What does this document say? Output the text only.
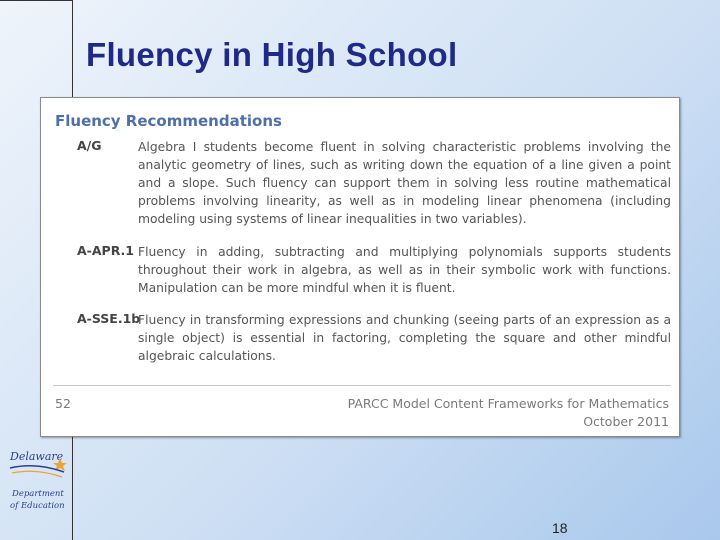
Fluency in High School
Fluency Recommendations
A/G	Algebra I students become fluent in solving characteristic problems involving the analytic geometry of lines, such as writing down the equation of a line given a point and a slope. Such fluency can support them in solving less routine mathematical problems involving linearity, as well as in modeling linear phenomena (including modeling using systems of linear inequalities in two variables).
A-APR.1 Fluency in adding, subtracting and multiplying polynomials supports students throughout their work in algebra, as well as in their symbolic work with functions. Manipulation can be more mindful when it is fluent.
A-SSE.1b
Fluency in transforming expressions and chunking (seeing parts of an expression as a single object) is essential in factoring, completing the square and other mindful algebraic calculations.
52	PARCC Model Content Frameworks for Mathematics
October 2011
Delaware
Department
of Education
18
